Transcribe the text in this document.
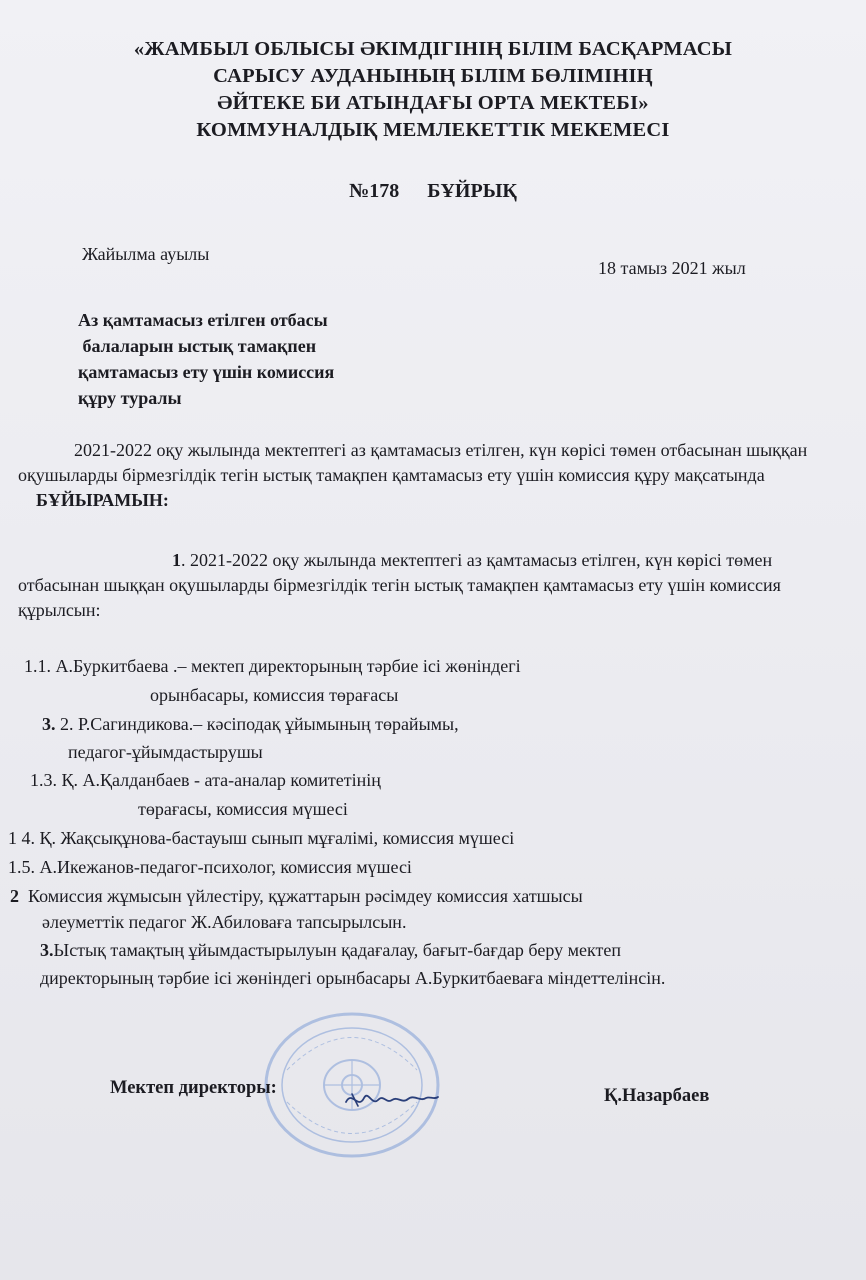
«ЖАМБЫЛ ОБЛЫСЫ ӘКІМДІГІНІҢ БІЛІМ БАСҚАРМАСЫ
САРЫСУ АУДАНЫНЫҢ БІЛІМ БӨЛІМІНІҢ
ӘЙТЕКЕ БИ АТЫНДАҒЫ ОРТА МЕКТЕБІ»
КОММУНАЛДЫҚ МЕМЛЕКЕТТІК МЕКЕМЕСІ
№178 БҰЙРЫҚ
Жайылма ауылы
18 тамыз 2021 жыл
Аз қамтамасыз етілген отбасы
балаларын ыстық тамақпен
қамтамасыз ету үшін комиссия
құру туралы
2021-2022 оқу жылында мектептегі аз қамтамасыз етілген, күн көрісі төмен отбасынан шыққан оқушыларды бірмезгілдік тегін ыстық тамақпен қамтамасыз ету үшін комиссия құру мақсатында БҰЙЫРАМЫН:
1. 2021-2022 оқу жылында мектептегі аз қамтамасыз етілген, күн көрісі төмен отбасынан шыққан оқушыларды бірмезгілдік тегін ыстық тамақпен қамтамасыз ету үшін комиссия құрылсын:
1.1. А.Буркитбаева .– мектеп директорының тәрбие ісі жөніндегі
орынбасары, комиссия төрағасы
3. 2. Р.Сагиндикова.– кәсіподақ ұйымының төрайымы,
педагог-ұйымдастырушы
1.3. Қ. А.Қалданбаев - ата-аналар комитетінің
төрағасы, комиссия мүшесі
1 4. Қ. Жақсықұнова-бастауыш сынып мұғалімі, комиссия мүшесі
1.5. А.Икежанов-педагог-психолог, комиссия мүшесі
2  Комиссия жұмысын үйлестіру, құжаттарын рәсімдеу комиссия хатшысы
әлеуметтік педагог Ж.Абиловаға тапсырылсын.
3.Ыстық тамақтың ұйымдастырылуын қадағалау, бағыт-бағдар беру мектеп
директорының тәрбие ісі жөніндегі орынбасары А.Буркитбаеваға міндеттелінсін.
Мектеп директоры:	Қ.Назарбаев
